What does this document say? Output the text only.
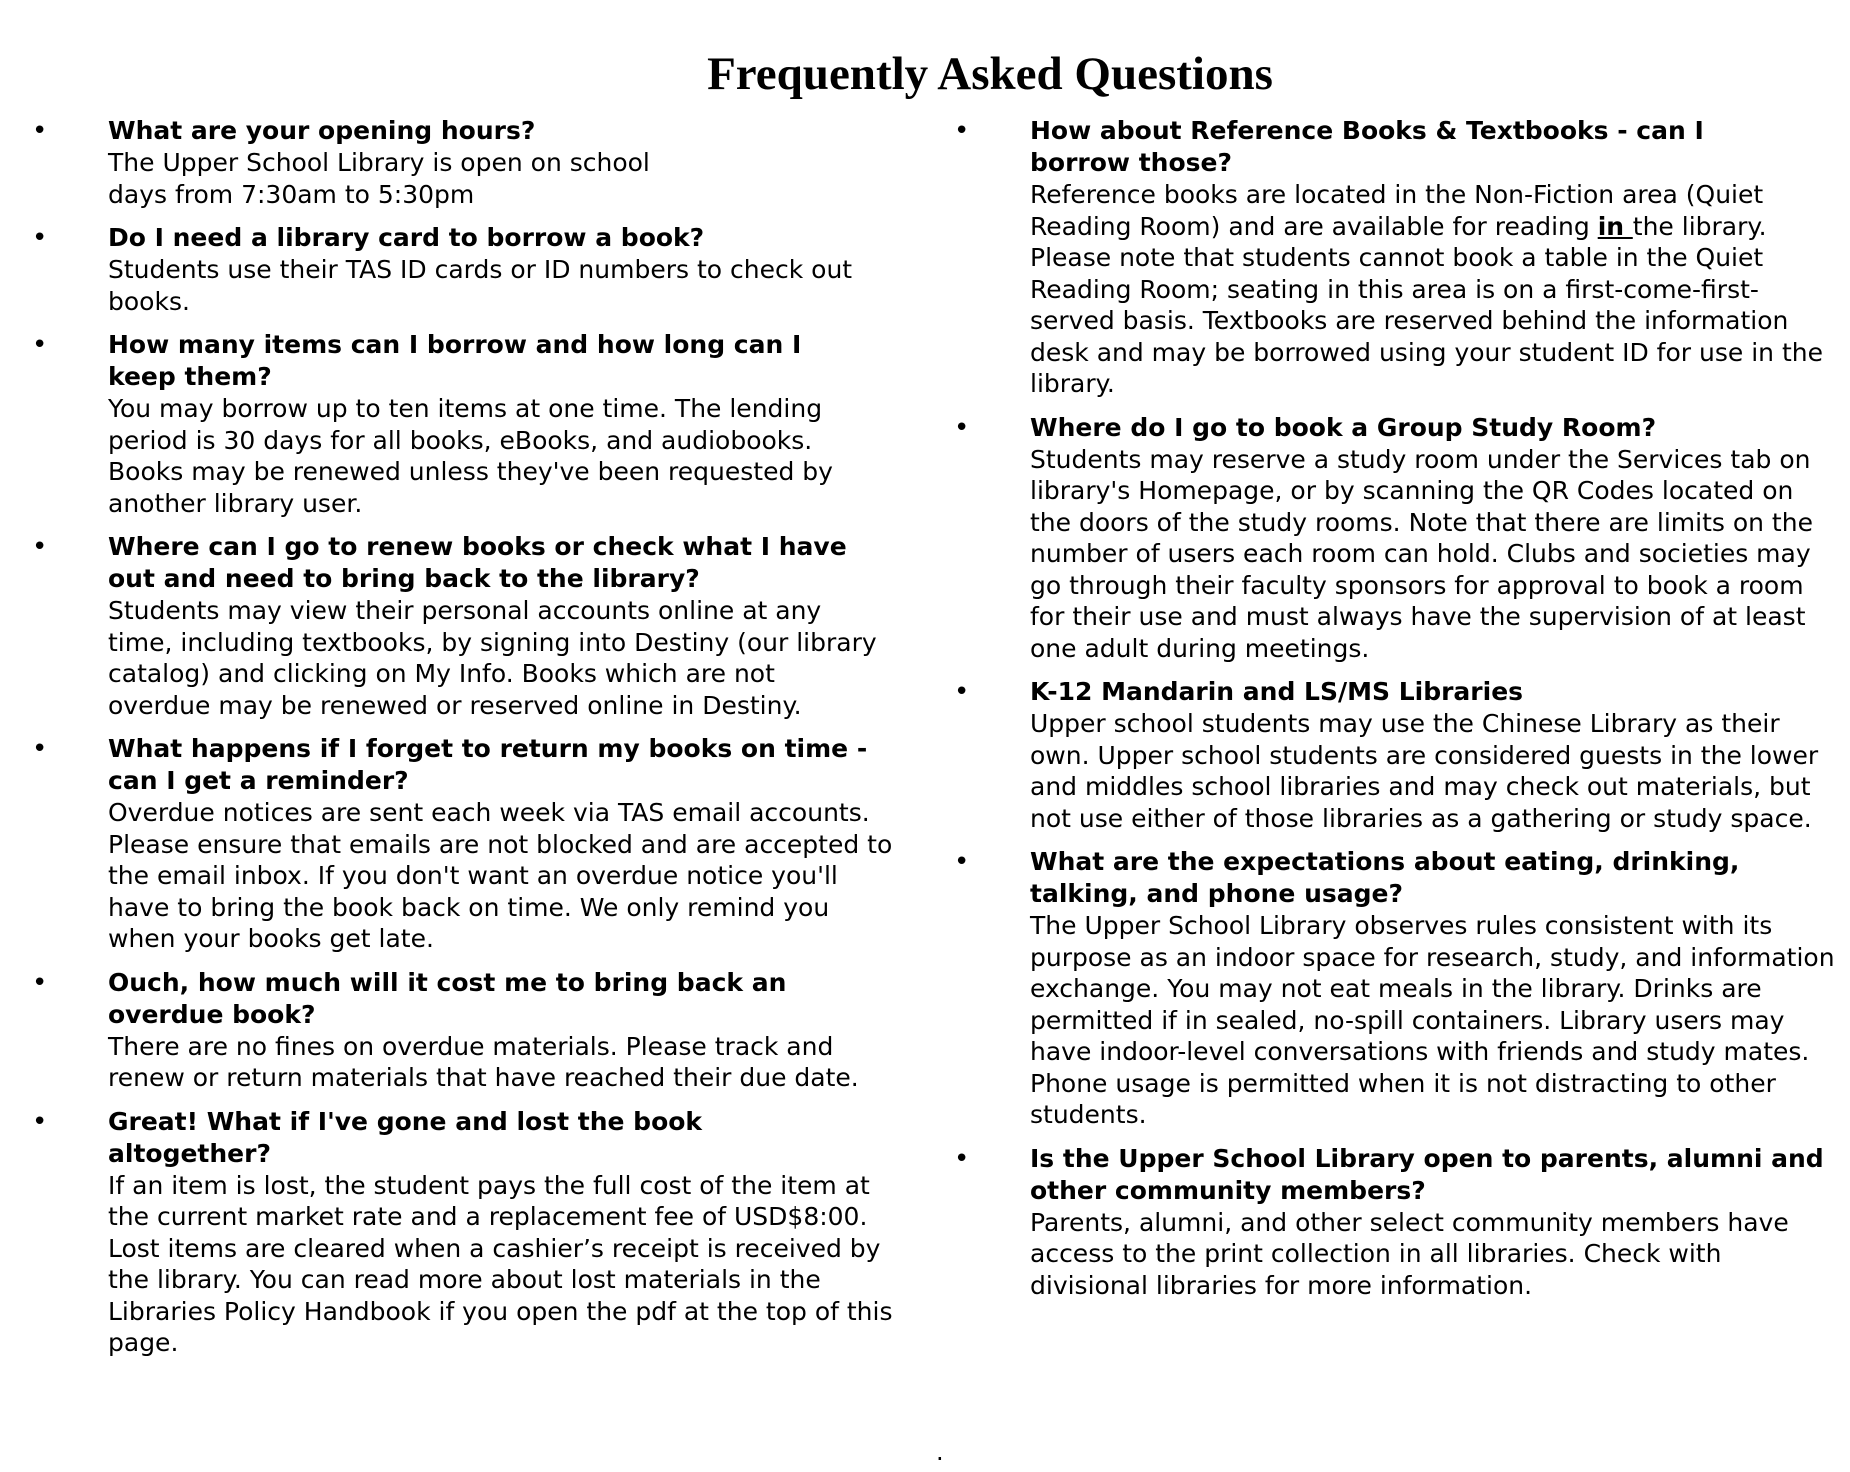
Frequently Asked Questions
• What are your opening hours?

The Upper School Library is open on school days from 7:30am to 5:30pm

• Do I need a library card to borrow a book?

Students use their TAS ID cards or ID numbers to check out books.

• How many items can I borrow and how long can I keep them?

You may borrow up to ten items at one time. The lending period is 30 days for all books, eBooks, and audiobooks. Books may be renewed unless they've been requested by another library user.

• Where can I go to renew books or check what I have out and need to bring back to the library?

Students may view their personal accounts online at any time, including textbooks, by signing into Destiny (our library catalog) and clicking on My Info. Books which are not overdue may be renewed or reserved online in Destiny.

• What happens if I forget to return my books on time - can I get a reminder?

Overdue notices are sent each week via TAS email accounts. Please ensure that emails are not blocked and are accepted to the email inbox. If you don't want an overdue notice you'll have to bring the book back on time. We only remind you when your books get late.

• Ouch, how much will it cost me to bring back an overdue book?

There are no fines on overdue materials. Please track and renew or return materials that have reached their due date.

• Great! What if I've gone and lost the book altogether?

If an item is lost, the student pays the full cost of the item at the current market rate and a replacement fee of USD$8:00. Lost items are cleared when a cashier’s receipt is received by the library. You can read more about lost materials in the Libraries Policy Handbook if you open the pdf at the top of this page.

• How about Reference Books & Textbooks - can I borrow those?

Reference books are located in the Non-Fiction area (Quiet Reading Room) and are available for reading in the library. Please note that students cannot book a table in the Quiet Reading Room; seating in this area is on a first-come-first-served basis. Textbooks are reserved behind the information desk and may be borrowed using your student ID for use in the library.

• Where do I go to book a Group Study Room?

Students may reserve a study room under the Services tab on library's Homepage, or by scanning the QR Codes located on the doors of the study rooms. Note that there are limits on the number of users each room can hold. Clubs and societies may go through their faculty sponsors for approval to book a room for their use and must always have the supervision of at least one adult during meetings.

• K-12 Mandarin and LS/MS Libraries

Upper school students may use the Chinese Library as their own. Upper school students are considered guests in the lower and middles school libraries and may check out materials, but not use either of those libraries as a gathering or study space.

• What are the expectations about eating, drinking, talking, and phone usage?

The Upper School Library observes rules consistent with its purpose as an indoor space for research, study, and information exchange. You may not eat meals in the library. Drinks are permitted if in sealed, no-spill containers. Library users may have indoor-level conversations with friends and study mates. Phone usage is permitted when it is not distracting to other students.

• Is the Upper School Library open to parents, alumni and other community members?

Parents, alumni, and other select community members have access to the print collection in all libraries. Check with divisional libraries for more information.

.
